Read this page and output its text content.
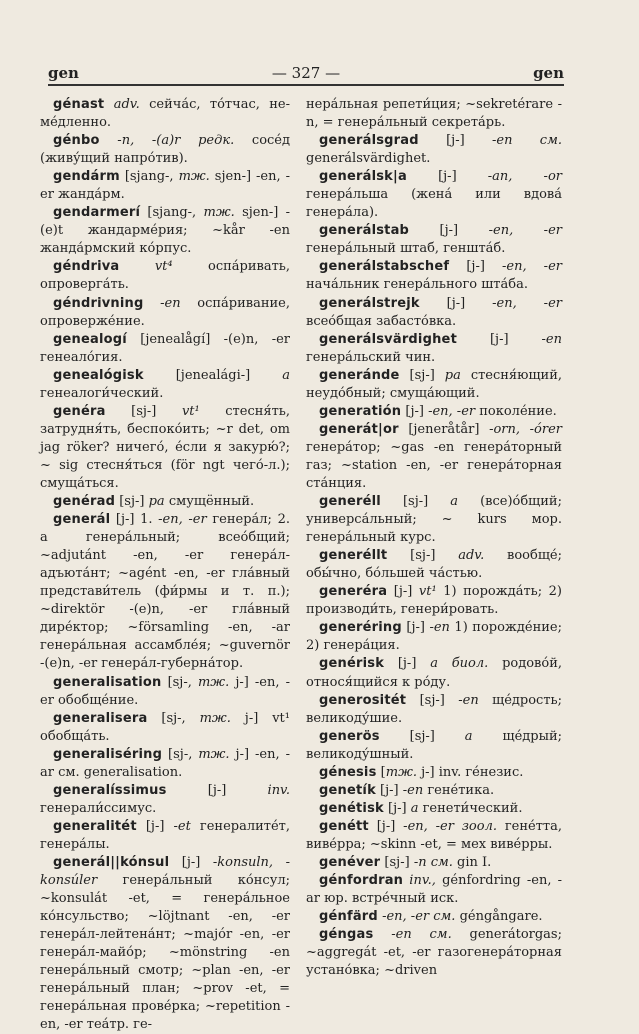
gen	— 327 —	gen

génast adv. сейча́с, то́тчас, не-ме́дленно.

génbo -n, -(a)r редк. сосе́д (живу́щий напро́тив).

gendárm [sjang-, тж. sjen-] -en, -er жанда́рм.

gendarmerí [sjang-, тж. sjen-] -(e)t жандарме́рия; ~kår -en жанда́рмский ко́рпус.

géndriva	vt⁴ оспа́ривать, опроверга́ть.

géndrivning -en оспа́ривание, опроверже́ние.

genealogí [jenealågí] -(e)n, -er генеало́гия.

genealógisk [jenealági-] a генеалоги́ческий.

genéra [sj-] vt¹ стесня́ть, затрудня́ть, беспоко́ить; ~r det, om jag röker? ничего́, е́сли я закурю́?; ~ sig стесня́ться (för ngt чего́-л.); смуща́ться.

genérad [sj-] pa смущённый.

generál [j-] 1. -en, -er генера́л; 2. a генера́льный; всео́бщий; ~adjutánt -en, -er генера́л-адъюта́нт; ~agént -en, -er гла́вный представи́тель (фи́рмы и т. п.); ~direktör -(e)n, -er гла́вный дире́ктор; ~församling -en, -ar генера́льная ассамбле́я; ~guvernör -(e)n, -er генера́л-губерна́тор.

generalisation [sj-, тж. j-] -en, -er обобще́ние.

generalisera [sj-, тж. j-] vt¹ обобща́ть.

generaliséring [sj-, тж. j-] -en, -ar см. generalisation.

generalíssimus [j-] inv. генерали́ссимус.

generalitét [j-] -et генералите́т, генера́лы.

generál||kónsul [j-] -konsuln, -konsúler генера́льный ко́нсул; ~konsulát -et, = генера́льное ко́нсульство; ~löjtnant -en, -er генера́л-лейтена́нт; ~majór -en, -er генера́л-майо́р; ~mönstring -en генера́льный смотр; ~plan -en, -er генера́льный план; ~prov -et, = генера́льная прове́рка; ~repetition -en, -er теа́тр. ге-

нера́льная репети́ция; ~sekretérare -n, = генера́льный секрета́рь.

generálsgrad [j-] -en см. generálsvärdighet.

generálsk|a [j-] -an, -or генера́льша (жена́ или вдова́ генера́ла).

generálstab [j-] -en, -er генера́льный штаб, геншта́б.

generálstabschef [j-] -en, -er нача́льник генера́льного шта́ба.

generálstrejk [j-] -en, -er всео́бщая забасто́вка.

generálsvärdighet [j-] -en генера́льский чин.

generánde [sj-] pa стесня́ющий, неудо́бный; смуща́ющий.

generatión [j-] -en, -er поколе́ние.

generát|or [jeneråtår] -orn, -órer генера́тор; ~gas -en генера́торный газ; ~station -en, -er генера́торная ста́нция.

generéll [sj-] a (все)о́бщий; универса́льный; ~ kurs мор. генера́льный курс.

generéllt [sj-] adv. вообще́; обы́чно, бо́льшей ча́стью.

generéra [j-] vt¹ 1) порожда́ть; 2) производи́ть, генери́ровать.

generéring [j-] -en 1) порожде́ние; 2) генера́ция.

genérisk [j-] a биол. родово́й, относя́щийся к ро́ду.

generositét [sj-] -en ще́дрость; великоду́шие.

generös [sj-] a ще́дрый; великоду́шный.

génesis [тж. j-] inv. ге́незис.

genetík [j-] -en гене́тика.

genétisk [j-] a генети́ческий.

genétt [j-] -en, -er зоол. гене́тта, виве́рра; ~skinn -et, = мех виве́рры.

genéver [sj-] -n см. gin I.

génfordran inv., génfordring -en, -ar юр. встре́чный иск.

génfärd -en, -er см. géngångare.

géngas -en см. generátorgas; ~aggregát -et, -er газогенера́торная устано́вка; ~driven
